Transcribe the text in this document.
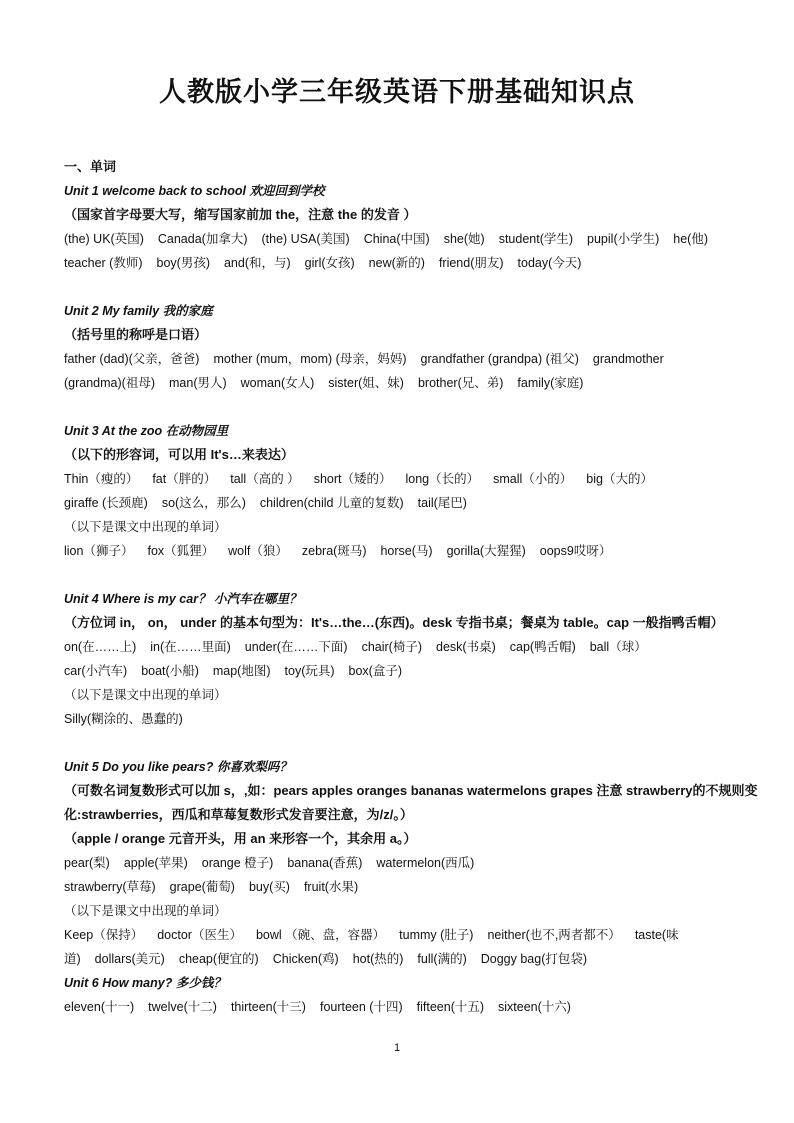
人教版小学三年级英语下册基础知识点
一、单词
Unit 1 welcome back to school 欢迎回到学校
（国家首字母要大写，缩写国家前加 the，注意 the 的发音 ）
(the) UK(英国) Canada(加拿大) (the) USA(美国) China(中国) she(她) student(学生) pupil(小学生) he(他)
teacher (教师) boy(男孩) and(和，与) girl(女孩) new(新的) friend(朋友) today(今天)
Unit 2 My family 我的家庭
（括号里的称呼是口语）
father (dad)(父亲，爸爸) mother (mum，mom) (母亲，妈妈) grandfather (grandpa) (祖父) grandmother
(grandma)(祖母) man(男人) woman(女人) sister(姐、妹) brother(兄、弟) family(家庭)
Unit 3 At the zoo 在动物园里
（以下的形容词，可以用 It's…来表达）
Thin（瘦的） fat（胖的） tall（高的 ） short（矮的） long（长的） small（小的） big（大的）
giraffe (长颈鹿) so(这么，那么) children(child 儿童的复数) tail(尾巴)
（以下是课文中出现的单词）
lion（狮子） fox（狐狸） wolf（狼） zebra(斑马) horse(马) gorilla(大猩猩) oops9哎呀）
Unit 4 Where is my car？ 小汽车在哪里？
（方位词 in， on， under 的基本句型为：It's…the…(东西)。desk 专指书桌；餐桌为 table。cap 一般指鸭舌帽）
on(在……上) in(在……里面) under(在……下面) chair(椅子) desk(书桌) cap(鸭舌帽) ball（球）
car(小汽车) boat(小船) map(地图) toy(玩具) box(盒子)
（以下是课文中出现的单词）
Silly(糊涂的、愚蠢的)
Unit 5 Do you like pears? 你喜欢梨吗？
（可数名词复数形式可以加 s，,如：pears apples oranges bananas watermelons grapes 注意 strawberry的不规则变化:strawberries，西瓜和草莓复数形式发音要注意，为/z/。）
（apple / orange 元音开头，用 an 来形容一个，其余用 a。）
pear(梨) apple(苹果) orange 橙子) banana(香蕉) watermelon(西瓜)
strawberry(草莓) grape(葡萄) buy(买) fruit(水果)
（以下是课文中出现的单词）
Keep（保持） doctor（医生） bowl （碗、盘，容器） tummy (肚子) neither(也不,两者都不） taste(味
道) dollars(美元) cheap(便宜的) Chicken(鸡) hot(热的) full(满的) Doggy bag(打包袋)
Unit 6 How many? 多少钱？
eleven(十一) twelve(十二) thirteen(十三) fourteen (十四) fifteen(十五) sixteen(十六)
1
